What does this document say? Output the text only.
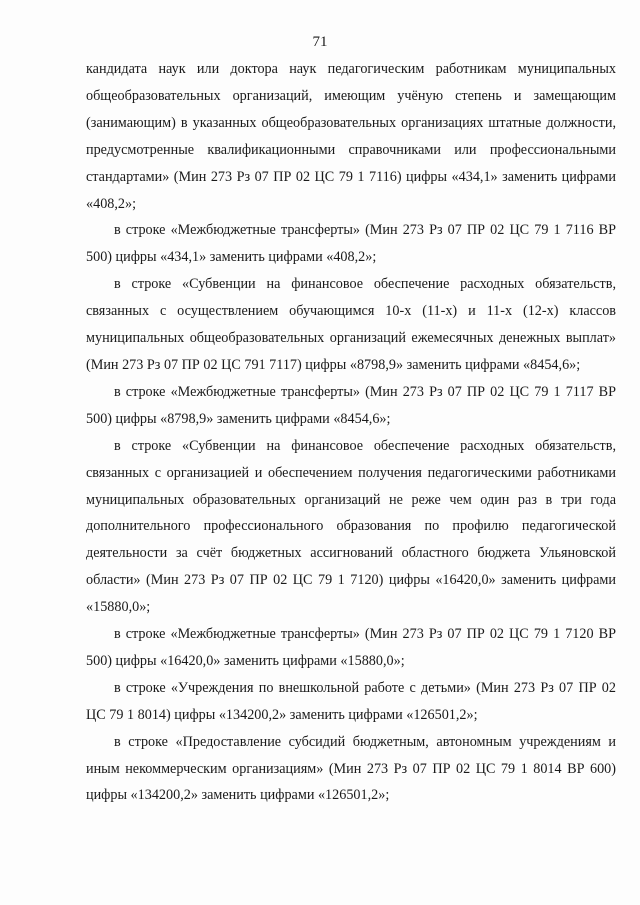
71

кандидата наук или доктора наук педагогическим работникам муниципальных общеобразовательных организаций, имеющим учёную степень и замещающим (занимающим) в указанных общеобразовательных организациях штатные должности, предусмотренные квалификационными справочниками или профессиональными стандартами» (Мин 273 Рз 07 ПР 02 ЦС 79 1 7116) цифры «434,1» заменить цифрами «408,2»;

в строке «Межбюджетные трансферты» (Мин 273 Рз 07 ПР 02 ЦС 79 1 7116 ВР 500) цифры «434,1» заменить цифрами «408,2»;

в строке «Субвенции на финансовое обеспечение расходных обязательств, связанных с осуществлением обучающимся 10-х (11-х) и 11-х (12-х) классов муниципальных общеобразовательных организаций ежемесячных денежных выплат» (Мин 273 Рз 07 ПР 02 ЦС 791 7117) цифры «8798,9» заменить цифрами «8454,6»;

в строке «Межбюджетные трансферты» (Мин 273 Рз 07 ПР 02 ЦС 79 1 7117 ВР 500) цифры «8798,9» заменить цифрами «8454,6»;

в строке «Субвенции на финансовое обеспечение расходных обязательств, связанных с организацией и обеспечением получения педагогическими работниками муниципальных образовательных организаций не реже чем один раз в три года дополнительного профессионального образования по профилю педагогической деятельности за счёт бюджетных ассигнований областного бюджета Ульяновской области» (Мин 273 Рз 07 ПР 02 ЦС 79 1 7120) цифры «16420,0» заменить цифрами «15880,0»;

в строке «Межбюджетные трансферты» (Мин 273 Рз 07 ПР 02 ЦС 79 1 7120 ВР 500) цифры «16420,0» заменить цифрами «15880,0»;

в строке «Учреждения по внешкольной работе с детьми» (Мин 273 Рз 07 ПР 02 ЦС 79 1 8014) цифры «134200,2» заменить цифрами «126501,2»;

в строке «Предоставление субсидий бюджетным, автономным учреждениям и иным некоммерческим организациям» (Мин 273 Рз 07 ПР 02 ЦС 79 1 8014 ВР 600) цифры «134200,2» заменить цифрами «126501,2»;
